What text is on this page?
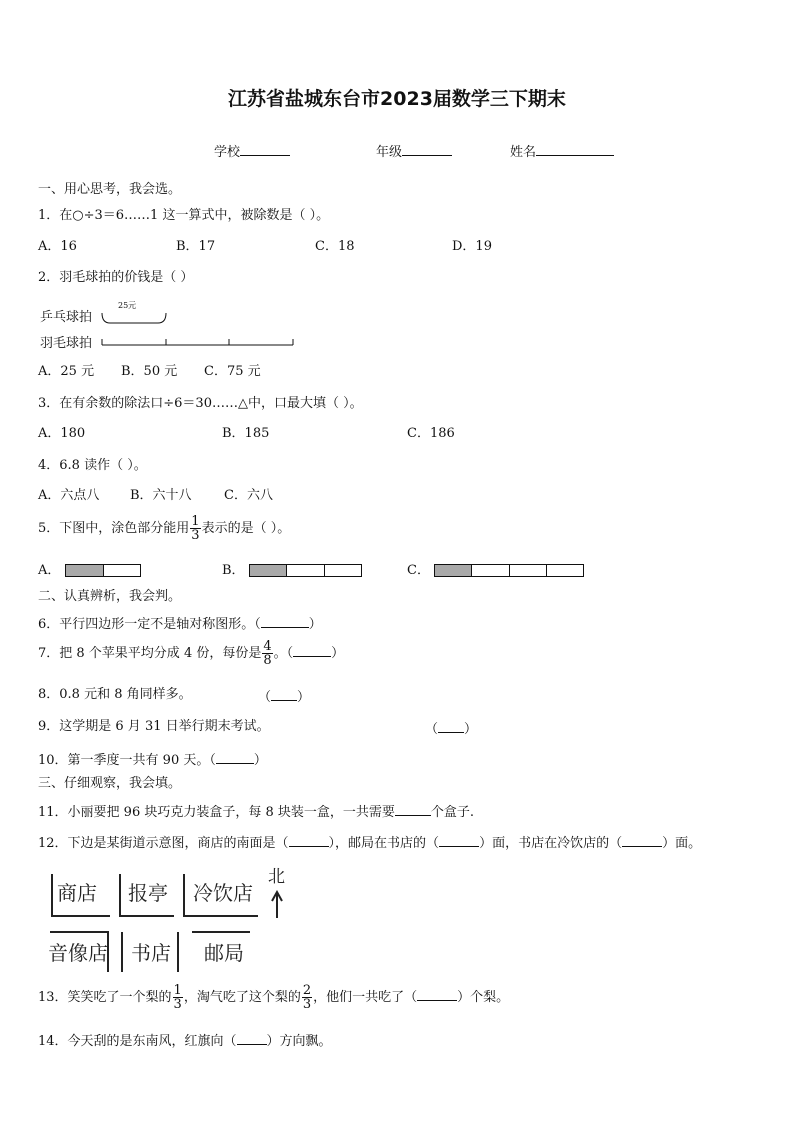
江苏省盐城东台市2023届数学三下期末
学校	年级	姓名
一、用心思考，我会选。
1．在○÷3＝6……1 这一算式中，被除数是（ ）。
A．16	B．17	C．18	D．19
2．羽毛球拍的价钱是（ ）
乒乓球拍
25元
羽毛球拍
A．25 元 B．50 元 C．75 元
3．在有余数的除法口÷6＝30……△中，口最大填（ ）。
A．180	B．185	C．186
4．6.8 读作（ ）。
A．六点八 B．六十八 C．六八
5．下图中，涂色部分能用 $\frac{1}{3}$ 表示的是（ ）。
A．	B．	C．
二、认真辨析，我会判。
6．平行四边形一定不是轴对称图形。（	）
7．把 8 个苹果平均分成 4 份，每份是 $\frac{4}{8}$ 。（	）
8．0.8 元和 8 角同样多。	（ ）
9．这学期是 6 月 31 日举行期末考试。	（ ）
10．第一季度一共有 90 天。（	）
三、仔细观察，我会填。
11．小丽要把 96 块巧克力装盒子，每 8 块装一盒，一共需要	个盒子.
12．下边是某街道示意图，商店的南面是（	），邮局在书店的（	）面，书店在冷饮店的（	）面。
商店 报亭 冷饮店
北
音像店 书店 邮局
13．笑笑吃了一个梨的 $\frac{1}{3}$ ，淘气吃了这个梨的 $\frac{2}{3}$ ，他们一共吃了（	）个梨。
14．今天刮的是东南风，红旗向（ ）方向飘。
